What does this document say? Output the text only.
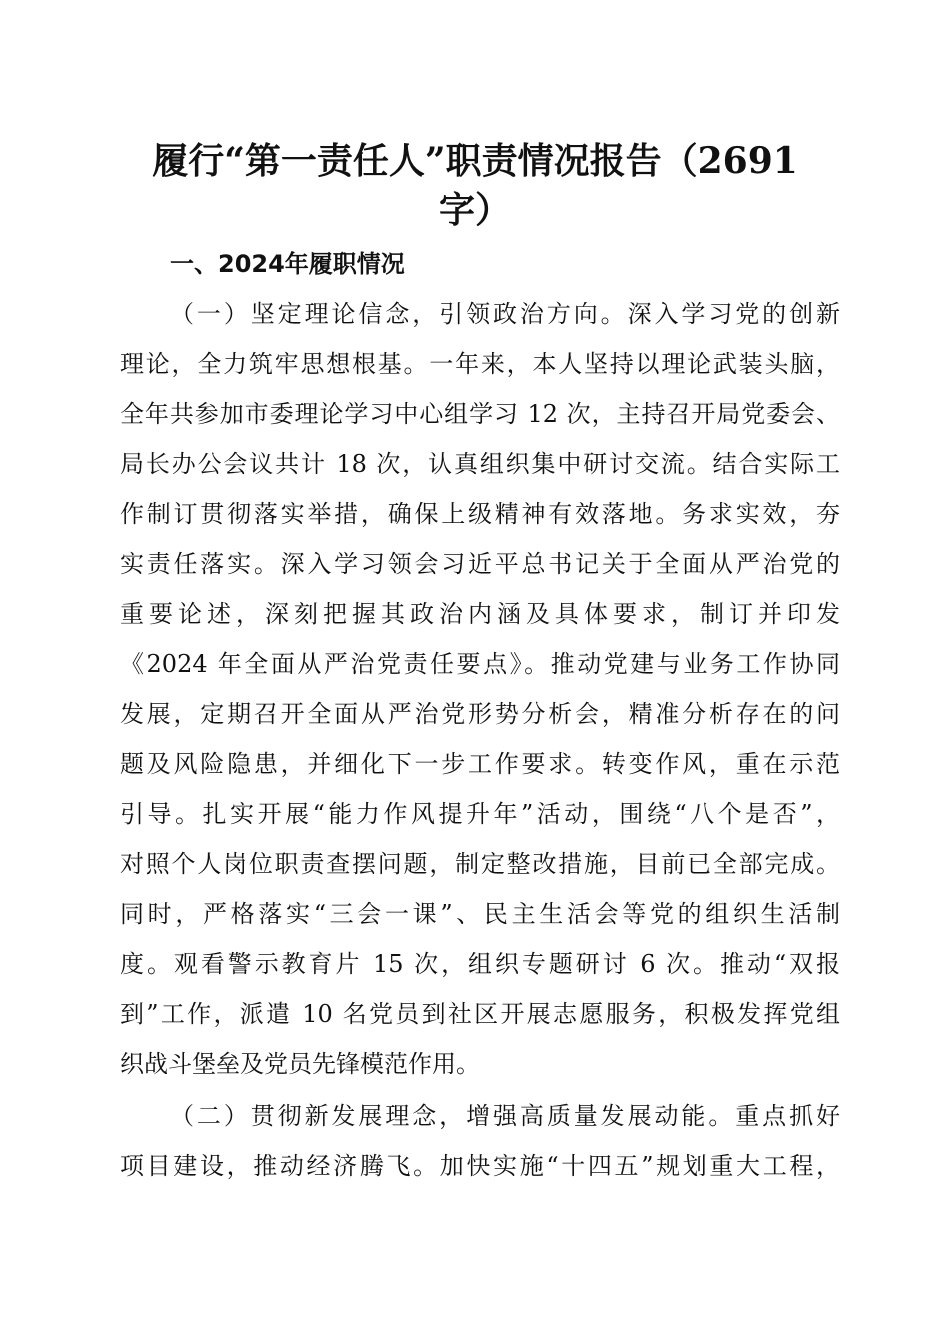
履行“第一责任人”职责情况报告（2691
字）
一、2024年履职情况
（一）坚定理论信念，引领政治方向。深入学习党的创新
理论，全力筑牢思想根基。一年来，本人坚持以理论武装头脑，
全年共参加市委理论学习中心组学习 12 次，主持召开局党委会、
局长办公会议共计 18 次，认真组织集中研讨交流。结合实际工
作制订贯彻落实举措，确保上级精神有效落地。务求实效，夯
实责任落实。深入学习领会习近平总书记关于全面从严治党的
重要论述，深刻把握其政治内涵及具体要求，制订并印发
《2024 年全面从严治党责任要点》。推动党建与业务工作协同
发展，定期召开全面从严治党形势分析会，精准分析存在的问
题及风险隐患，并细化下一步工作要求。转变作风，重在示范
引导。扎实开展“能力作风提升年”活动，围绕“八个是否”，
对照个人岗位职责查摆问题，制定整改措施，目前已全部完成。
同时，严格落实“三会一课”、民主生活会等党的组织生活制
度。观看警示教育片 15 次，组织专题研讨 6 次。推动“双报
到”工作，派遣 10 名党员到社区开展志愿服务，积极发挥党组
织战斗堡垒及党员先锋模范作用。
（二）贯彻新发展理念，增强高质量发展动能。重点抓好
项目建设，推动经济腾飞。加快实施“十四五”规划重大工程，
